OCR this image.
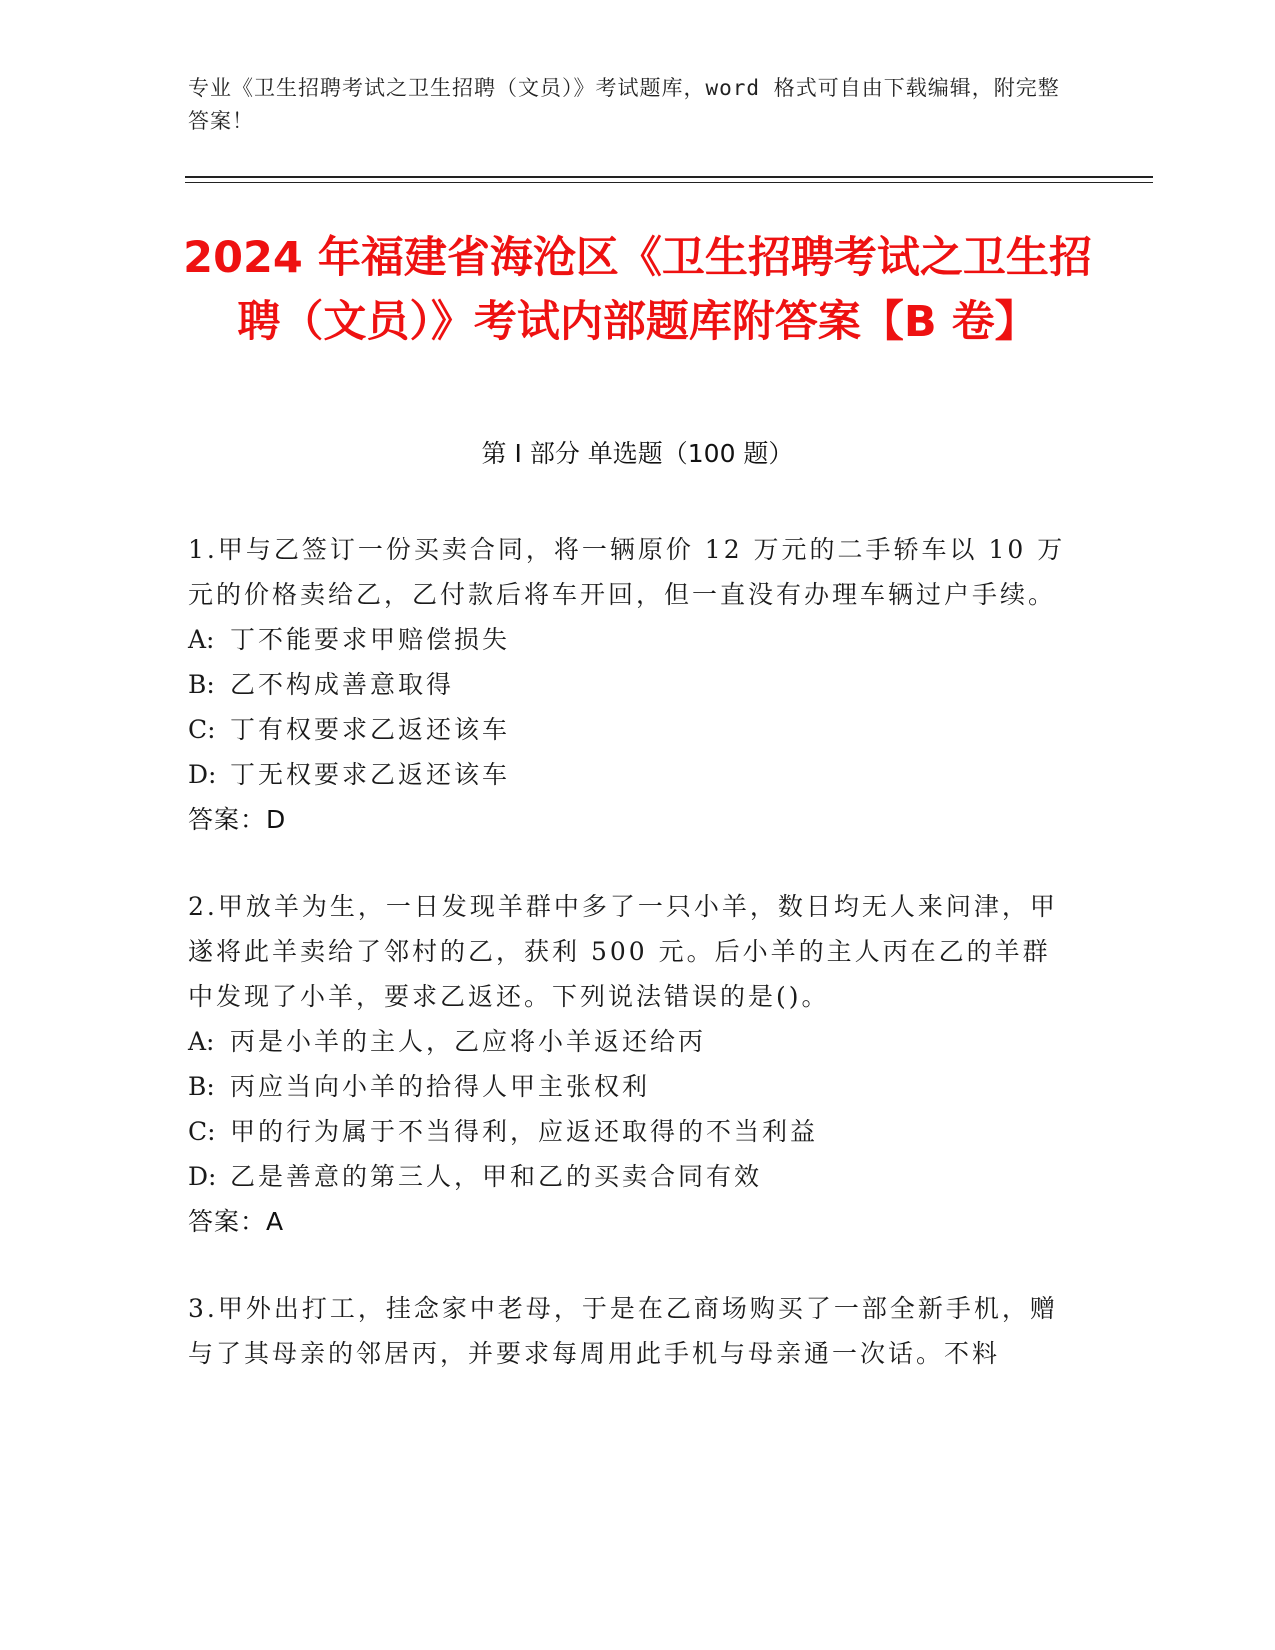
专业《卫生招聘考试之卫生招聘（文员）》考试题库，word 格式可自由下载编辑，附完整答案！
2024 年福建省海沧区《卫生招聘考试之卫生招聘（文员）》考试内部题库附答案【B 卷】
第 I 部分 单选题（100 题）
1.甲与乙签订一份买卖合同，将一辆原价 12 万元的二手轿车以 10 万元的价格卖给乙，乙付款后将车开回，但一直没有办理车辆过户手续。
A: 丁不能要求甲赔偿损失
B: 乙不构成善意取得
C: 丁有权要求乙返还该车
D: 丁无权要求乙返还该车
答案：D
2.甲放羊为生，一日发现羊群中多了一只小羊，数日均无人来问津，甲遂将此羊卖给了邻村的乙，获利 500 元。后小羊的主人丙在乙的羊群中发现了小羊，要求乙返还。下列说法错误的是()。
A: 丙是小羊的主人，乙应将小羊返还给丙
B: 丙应当向小羊的拾得人甲主张权利
C: 甲的行为属于不当得利，应返还取得的不当利益
D: 乙是善意的第三人，甲和乙的买卖合同有效
答案：A
3.甲外出打工，挂念家中老母，于是在乙商场购买了一部全新手机，赠与了其母亲的邻居丙，并要求每周用此手机与母亲通一次话。不料
